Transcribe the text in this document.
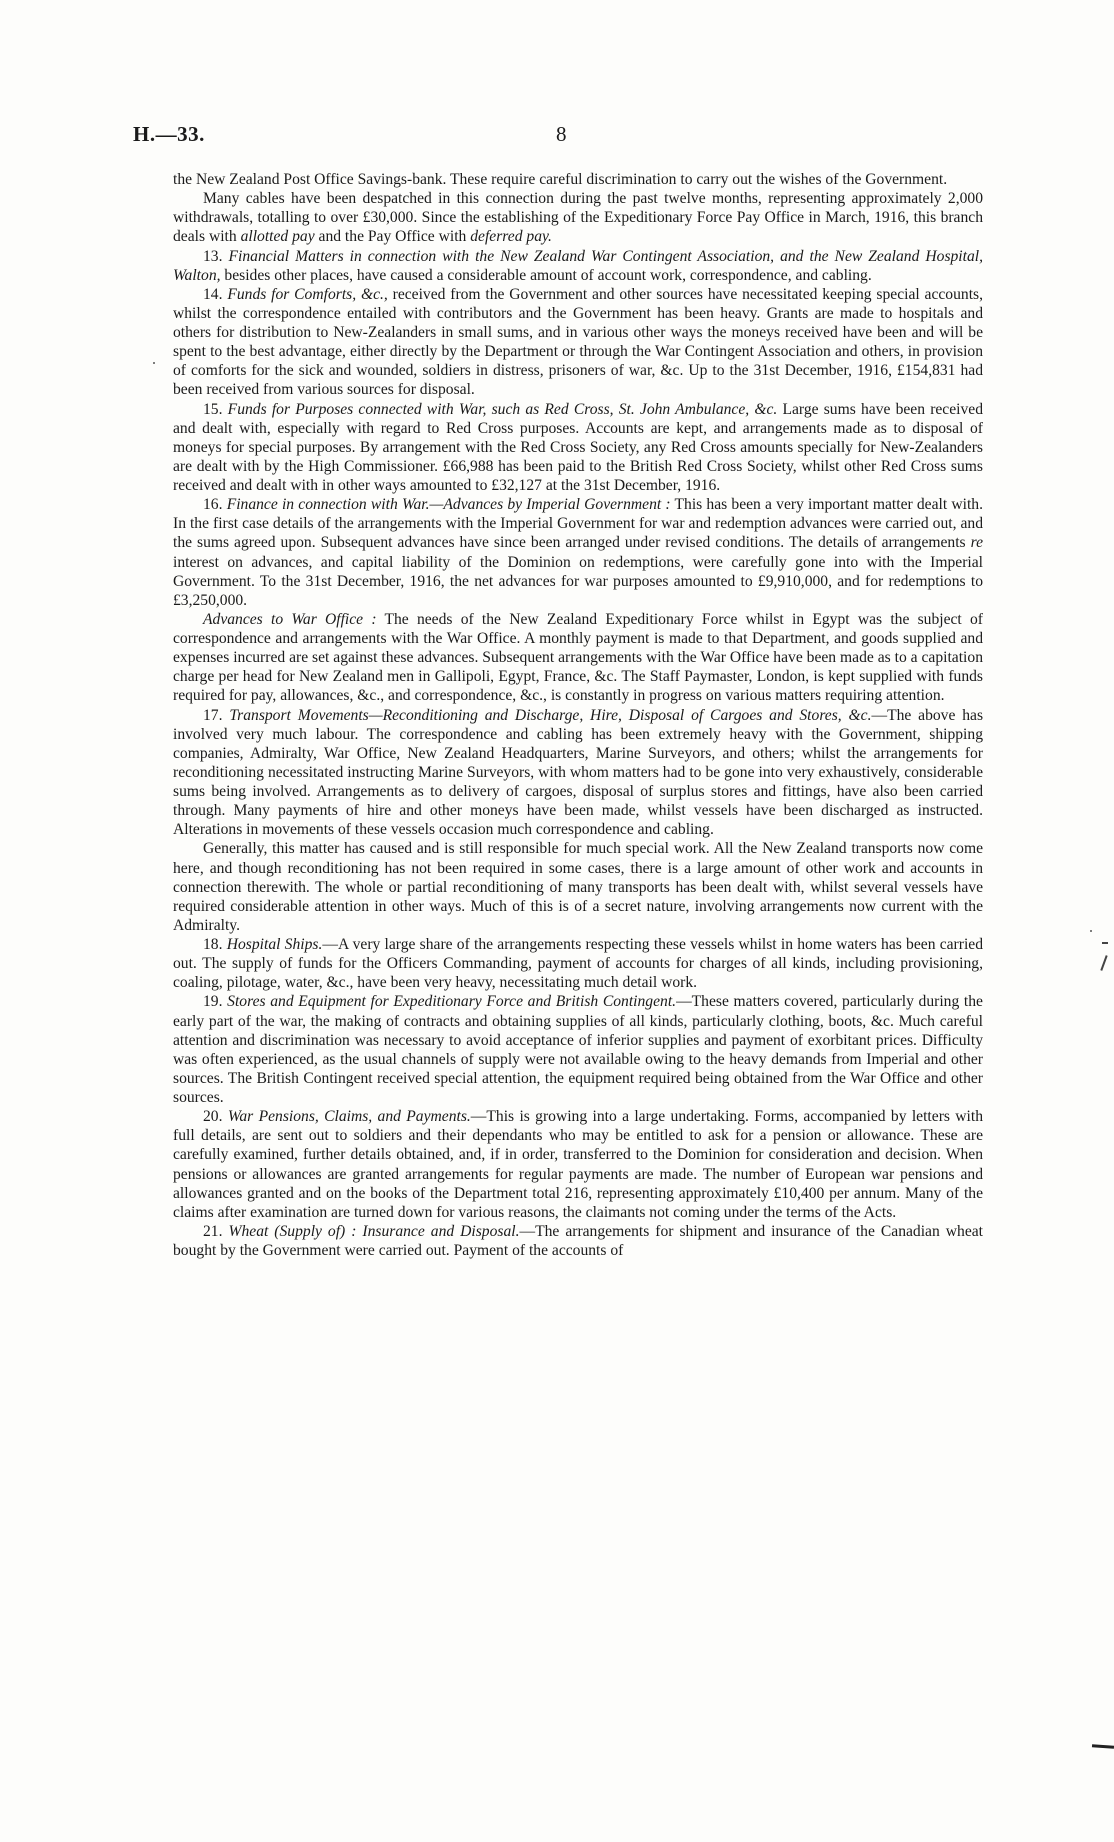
H.—33.	8

the New Zealand Post Office Savings-bank. These require careful discrimination to carry out the wishes of the Government.

Many cables have been despatched in this connection during the past twelve months, representing approximately 2,000 withdrawals, totalling to over £30,000. Since the establishing of the Expeditionary Force Pay Office in March, 1916, this branch deals with allotted pay and the Pay Office with deferred pay.

13. Financial Matters in connection with the New Zealand War Contingent Association, and the New Zealand Hospital, Walton, besides other places, have caused a considerable amount of account work, correspondence, and cabling.

14. Funds for Comforts, &c., received from the Government and other sources have necessitated keeping special accounts, whilst the correspondence entailed with contributors and the Government has been heavy. Grants are made to hospitals and others for distribution to New-Zealanders in small sums, and in various other ways the moneys received have been and will be spent to the best advantage, either directly by the Department or through the War Contingent Association and others, in provision of comforts for the sick and wounded, soldiers in distress, prisoners of war, &c. Up to the 31st December, 1916, £154,831 had been received from various sources for disposal.

15. Funds for Purposes connected with War, such as Red Cross, St. John Ambulance, &c. Large sums have been received and dealt with, especially with regard to Red Cross purposes. Accounts are kept, and arrangements made as to disposal of moneys for special purposes. By arrangement with the Red Cross Society, any Red Cross amounts specially for New-Zealanders are dealt with by the High Commissioner. £66,988 has been paid to the British Red Cross Society, whilst other Red Cross sums received and dealt with in other ways amounted to £32,127 at the 31st December, 1916.

16. Finance in connection with War.—Advances by Imperial Government : This has been a very important matter dealt with. In the first case details of the arrangements with the Imperial Government for war and redemption advances were carried out, and the sums agreed upon. Subsequent advances have since been arranged under revised conditions. The details of arrangements re interest on advances, and capital liability of the Dominion on redemptions, were carefully gone into with the Imperial Government. To the 31st December, 1916, the net advances for war purposes amounted to £9,910,000, and for redemptions to £3,250,000.

Advances to War Office : The needs of the New Zealand Expeditionary Force whilst in Egypt was the subject of correspondence and arrangements with the War Office. A monthly payment is made to that Department, and goods supplied and expenses incurred are set against these advances. Subsequent arrangements with the War Office have been made as to a capitation charge per head for New Zealand men in Gallipoli, Egypt, France, &c. The Staff Paymaster, London, is kept supplied with funds required for pay, allowances, &c., and correspondence, &c., is constantly in progress on various matters requiring attention.

17. Transport Movements—Reconditioning and Discharge, Hire, Disposal of Cargoes and Stores, &c.—The above has involved very much labour. The correspondence and cabling has been extremely heavy with the Government, shipping companies, Admiralty, War Office, New Zealand Headquarters, Marine Surveyors, and others; whilst the arrangements for reconditioning necessitated instructing Marine Surveyors, with whom matters had to be gone into very exhaustively, considerable sums being involved. Arrangements as to delivery of cargoes, disposal of surplus stores and fittings, have also been carried through. Many payments of hire and other moneys have been made, whilst vessels have been discharged as instructed. Alterations in movements of these vessels occasion much correspondence and cabling.

Generally, this matter has caused and is still responsible for much special work. All the New Zealand transports now come here, and though reconditioning has not been required in some cases, there is a large amount of other work and accounts in connection therewith. The whole or partial reconditioning of many transports has been dealt with, whilst several vessels have required considerable attention in other ways. Much of this is of a secret nature, involving arrangements now current with the Admiralty.

18. Hospital Ships.—A very large share of the arrangements respecting these vessels whilst in home waters has been carried out. The supply of funds for the Officers Commanding, payment of accounts for charges of all kinds, including provisioning, coaling, pilotage, water, &c., have been very heavy, necessitating much detail work.

19. Stores and Equipment for Expeditionary Force and British Contingent.—These matters covered, particularly during the early part of the war, the making of contracts and obtaining supplies of all kinds, particularly clothing, boots, &c. Much careful attention and discrimination was necessary to avoid acceptance of inferior supplies and payment of exorbitant prices. Difficulty was often experienced, as the usual channels of supply were not available owing to the heavy demands from Imperial and other sources. The British Contingent received special attention, the equipment required being obtained from the War Office and other sources.

20. War Pensions, Claims, and Payments.—This is growing into a large undertaking. Forms, accompanied by letters with full details, are sent out to soldiers and their dependants who may be entitled to ask for a pension or allowance. These are carefully examined, further details obtained, and, if in order, transferred to the Dominion for consideration and decision. When pensions or allowances are granted arrangements for regular payments are made. The number of European war pensions and allowances granted and on the books of the Department total 216, representing approximately £10,400 per annum. Many of the claims after examination are turned down for various reasons, the claimants not coming under the terms of the Acts.

21. Wheat (Supply of) : Insurance and Disposal.—The arrangements for shipment and insurance of the Canadian wheat bought by the Government were carried out. Payment of the accounts of
